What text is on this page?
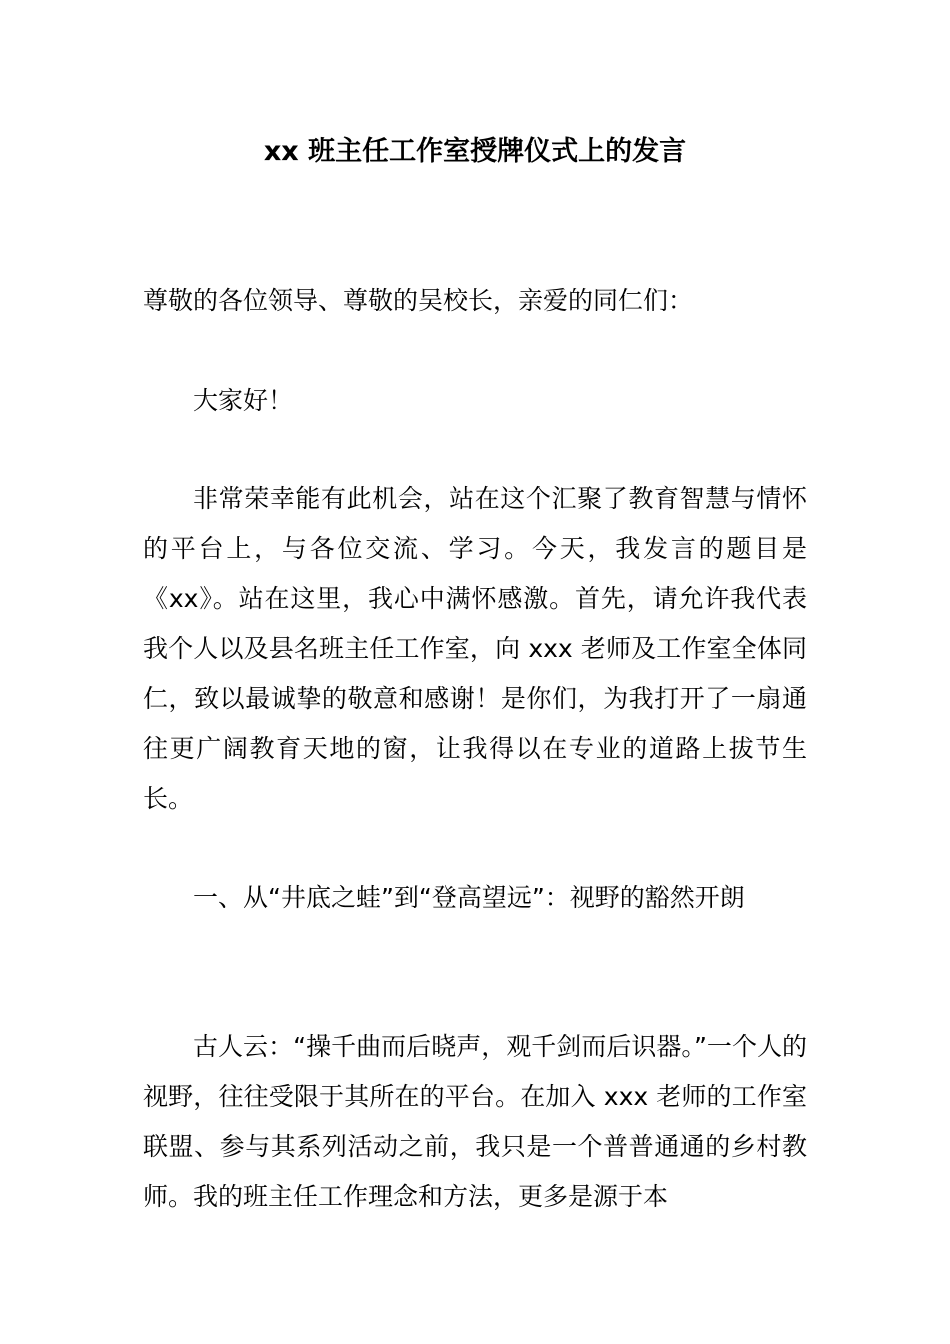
xx 班主任工作室授牌仪式上的发言

尊敬的各位领导、尊敬的吴校长，亲爱的同仁们：

大家好！

非常荣幸能有此机会，站在这个汇聚了教育智慧与情怀的平台上，与各位交流、学习。今天，我发言的题目是《xx》。站在这里，我心中满怀感激。首先，请允许我代表我个人以及县名班主任工作室，向 xxx 老师及工作室全体同仁，致以最诚挚的敬意和感谢！是你们，为我打开了一扇通往更广阔教育天地的窗，让我得以在专业的道路上拔节生长。

一、从“井底之蛙”到“登高望远”：视野的豁然开朗

古人云：“操千曲而后晓声，观千剑而后识器。”一个人的视野，往往受限于其所在的平台。在加入 xxx 老师的工作室联盟、参与其系列活动之前，我只是一个普普通通的乡村教师。我的班主任工作理念和方法，更多是源于本
